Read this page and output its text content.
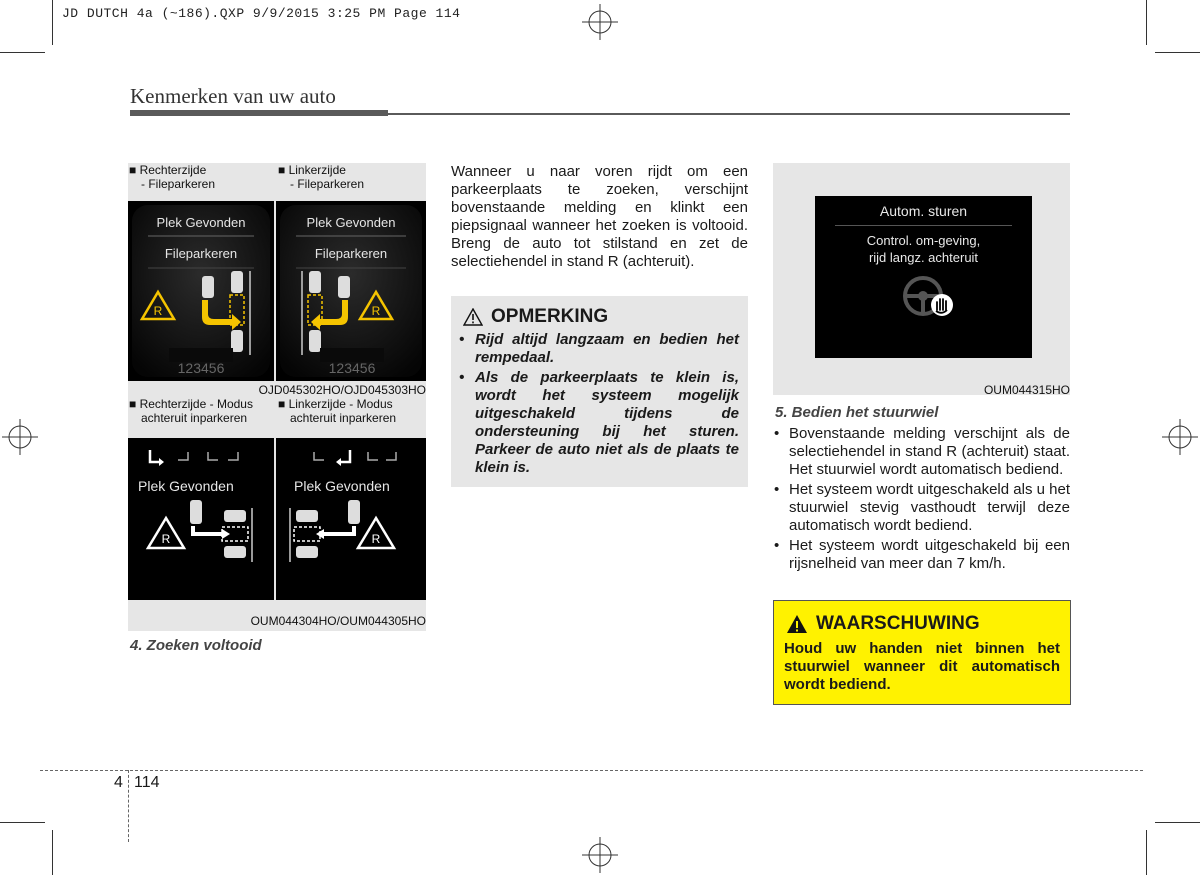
JD DUTCH 4a (~186).QXP 9/9/2015 3:25 PM Page 114
Kenmerken van uw auto
■ Rechterzijde
- Fileparkeren
■ Linkerzijde
- Fileparkeren
R
123456
Plek Gevonden
Fileparkeren
R
123456
Plek Gevonden
Fileparkeren
OJD045302HO/OJD045303HO
■ Rechterzijde - Modus
achteruit inparkeren
■ Linkerzijde - Modus
achteruit inparkeren
R
Plek Gevonden
R
Plek Gevonden
OUM044304HO/OUM044305HO
4. Zoeken voltooid
Wanneer u naar voren rijdt om een parkeerplaats te zoeken, verschijnt bovenstaande melding en klinkt een piepsignaal wanneer het zoeken is voltooid. Breng de auto tot stilstand en zet de selectiehendel in stand R (achteruit).
OPMERKING
• Rijd altijd langzaam en bedien het rempedaal.
• Als de parkeerplaats te klein is, wordt het systeem mogelijk uitgeschakeld tijdens de ondersteuning bij het sturen. Parkeer de auto niet als de plaats te klein is.
Autom. sturen
Control. om-geving,
rijd langz. achteruit
OUM044315HO
5. Bedien het stuurwiel
• Bovenstaande melding verschijnt als de selectiehendel in stand R (achteruit) staat. Het stuurwiel wordt automatisch bediend.
• Het systeem wordt uitgeschakeld als u het stuurwiel stevig vasthoudt terwijl deze automatisch wordt bediend.
• Het systeem wordt uitgeschakeld bij een rijsnelheid van meer dan 7 km/h.
WAARSCHUWING
Houd uw handen niet binnen het stuurwiel wanneer dit automatisch wordt bediend.
4 114
